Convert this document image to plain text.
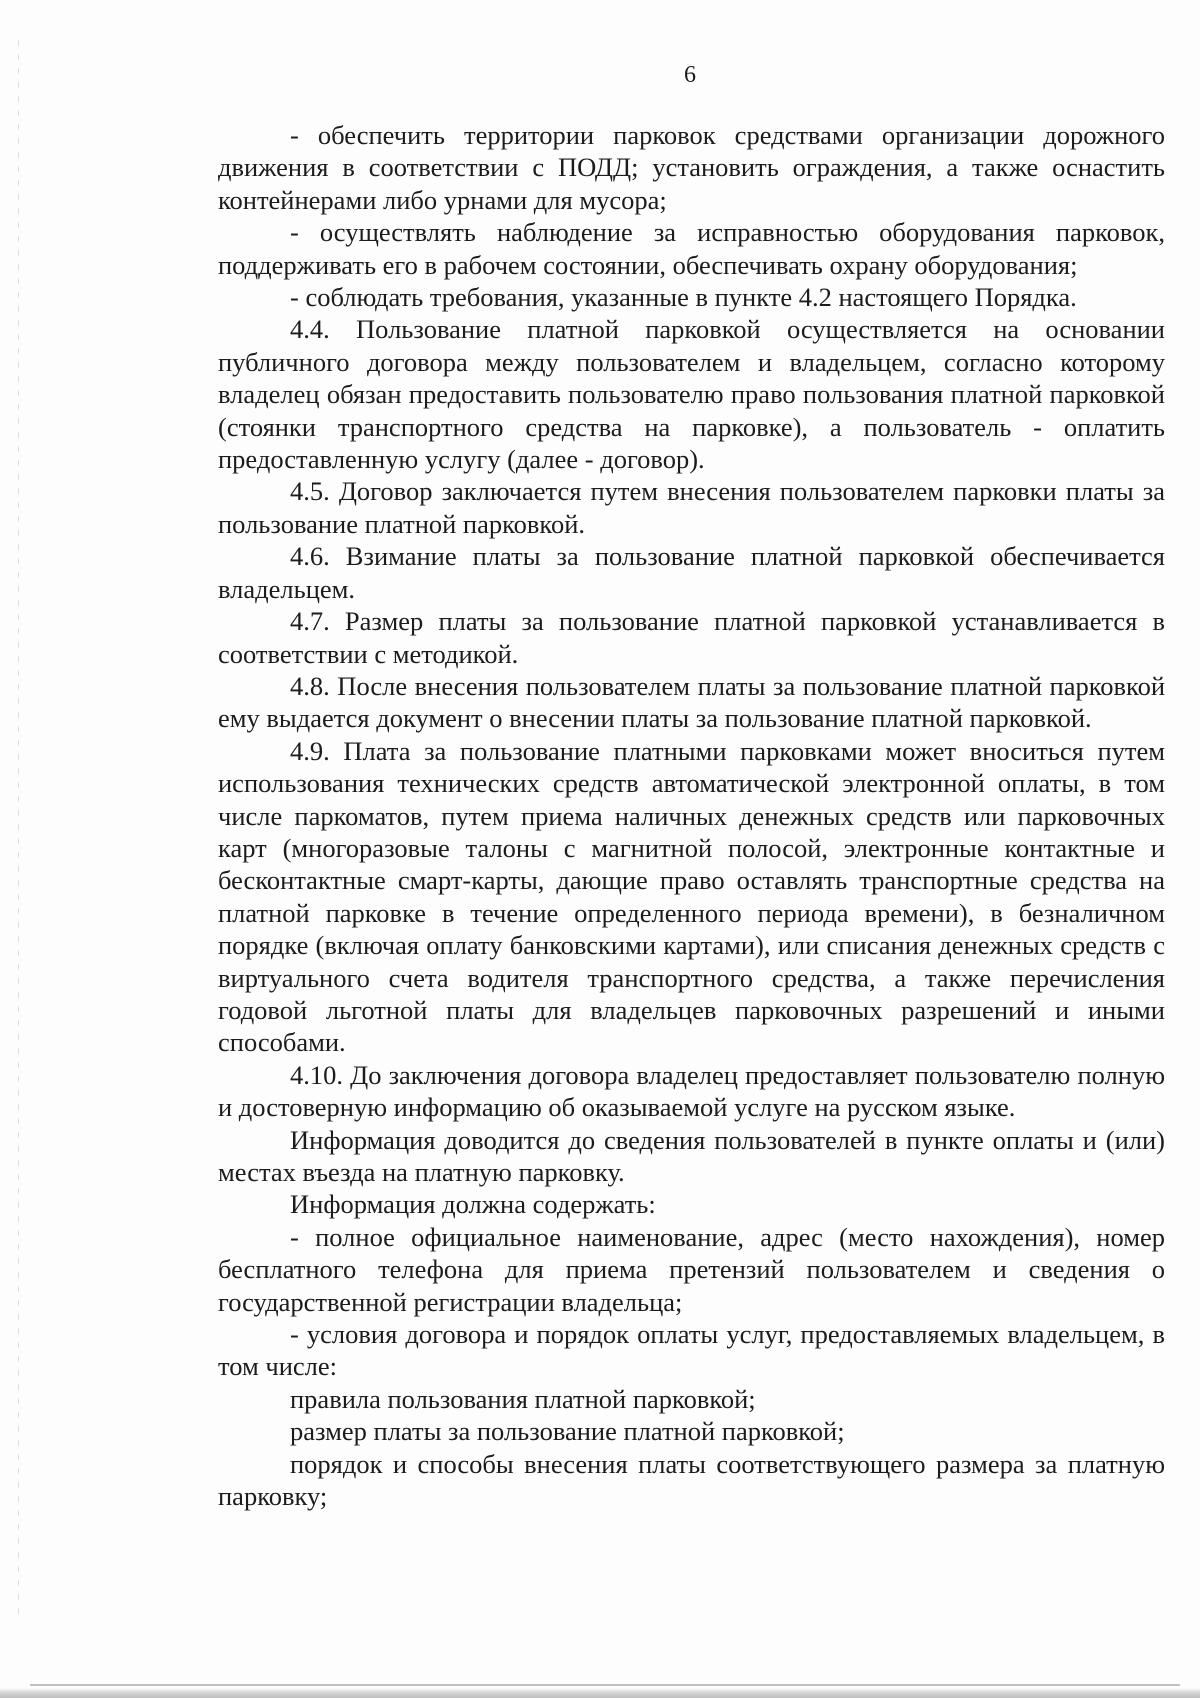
6

- обеспечить территории парковок средствами организации дорожного движения в соответствии с ПОДД; установить ограждения, а также оснастить контейнерами либо урнами для мусора;

- осуществлять наблюдение за исправностью оборудования парковок, поддерживать его в рабочем состоянии, обеспечивать охрану оборудования;

- соблюдать требования, указанные в пункте 4.2 настоящего Порядка.

4.4. Пользование платной парковкой осуществляется на основании публичного договора между пользователем и владельцем, согласно которому владелец обязан предоставить пользователю право пользования платной парковкой (стоянки транспортного средства на парковке), а пользователь - оплатить предоставленную услугу (далее - договор).

4.5. Договор заключается путем внесения пользователем парковки платы за пользование платной парковкой.

4.6. Взимание платы за пользование платной парковкой обеспечивается владельцем.

4.7. Размер платы за пользование платной парковкой устанавливается в соответствии с методикой.

4.8. После внесения пользователем платы за пользование платной парковкой ему выдается документ о внесении платы за пользование платной парковкой.

4.9. Плата за пользование платными парковками может вноситься путем использования технических средств автоматической электронной оплаты, в том числе паркоматов, путем приема наличных денежных средств или парковочных карт (многоразовые талоны с магнитной полосой, электронные контактные и бесконтактные смарт-карты, дающие право оставлять транспортные средства на платной парковке в течение определенного периода времени), в безналичном порядке (включая оплату банковскими картами), или списания денежных средств с виртуального счета водителя транспортного средства, а также перечисления годовой льготной платы для владельцев парковочных разрешений и иными способами.

4.10. До заключения договора владелец предоставляет пользователю полную и достоверную информацию об оказываемой услуге на русском языке.

Информация доводится до сведения пользователей в пункте оплаты и (или) местах въезда на платную парковку.

Информация должна содержать:

- полное официальное наименование, адрес (место нахождения), номер бесплатного телефона для приема претензий пользователем и сведения о государственной регистрации владельца;

- условия договора и порядок оплаты услуг, предоставляемых владельцем, в том числе:

правила пользования платной парковкой;

размер платы за пользование платной парковкой;

порядок и способы внесения платы соответствующего размера за платную парковку;
